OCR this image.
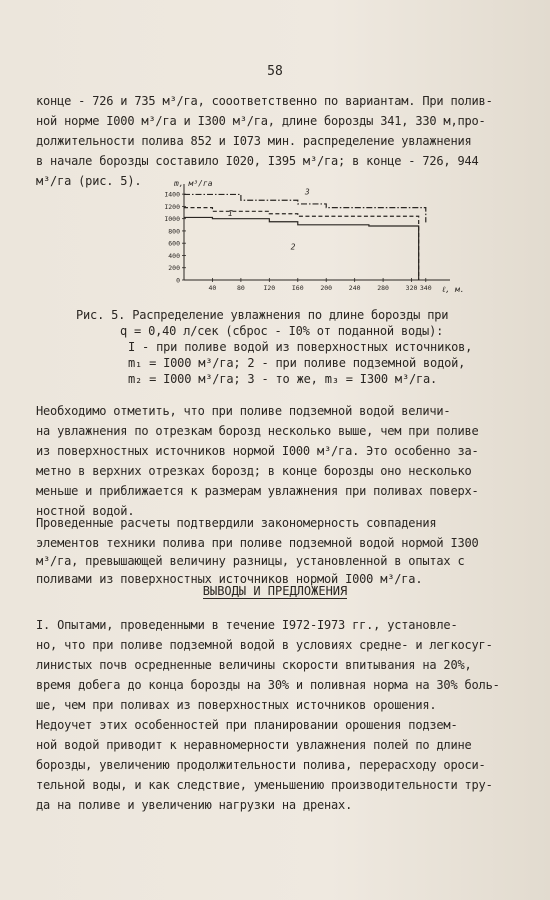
58
конце - 726 и 735 м³/га, сооответственно по вариантам. При полив-
ной норме I000 м³/га и I300 м³/га, длине борозды 341, 330 м,про-
должительности полива 852 и I073 мин. распределение увлажнения
в начале борозды составило I020, I395 м³/га; в конце - 726, 944
м³/га (рис. 5).	m, м³/га
ℓ, м.
I
2
3
I400
I200
I000
800
600
400
200
0
40	80	I20	I60	200	240	280	320 340
Рис. 5. Распределение увлажнения по длине борозды при
q = 0,40 л/сек (сброс - I0% от поданной воды):
I - при поливе водой из поверхностных источников,
m₁ = I000 м³/га; 2 - при поливе подземной водой,
m₂ = I000 м³/га; 3 - то же, m₃ = I300 м³/га.
Необходимо отметить, что при поливе подземной водой величи-
на увлажнения по отрезкам борозд несколько выше, чем при поливе
из поверхностных источников нормой I000 м³/га. Это особенно за-
метно в верхних отрезках борозд; в конце борозды оно несколько
меньше и приближается к размерам увлажнения при поливах поверх-
ностной водой.
Проведенные расчеты подтвердили закономерность совпадения
элементов техники полива при поливе подземной водой нормой I300
м³/га, превышающей величину разницы, установленной в опытах с
поливами из поверхностных источников нормой I000 м³/га.
ВЫВОДЫ И ПРЕДЛОЖЕНИЯ
I. Опытами, проведенными в течение I972-I973 гг., установле-
но, что при поливе подземной водой в условиях средне- и легкосуг-
линистых почв осредненные величины скорости впитывания на 20%,
время добега до конца борозды на 30% и поливная норма на 30% боль-
ше, чем при поливах из поверхностных источников орошения.
Недоучет этих особенностей при планировании орошения подзем-
ной водой приводит к неравномерности увлажнения полей по длине
борозды, увеличению продолжительности полива, перерасходу ороси-
тельной воды, и как следствие, уменьшению производительности тру-
да на поливе и увеличению нагрузки на дренах.
